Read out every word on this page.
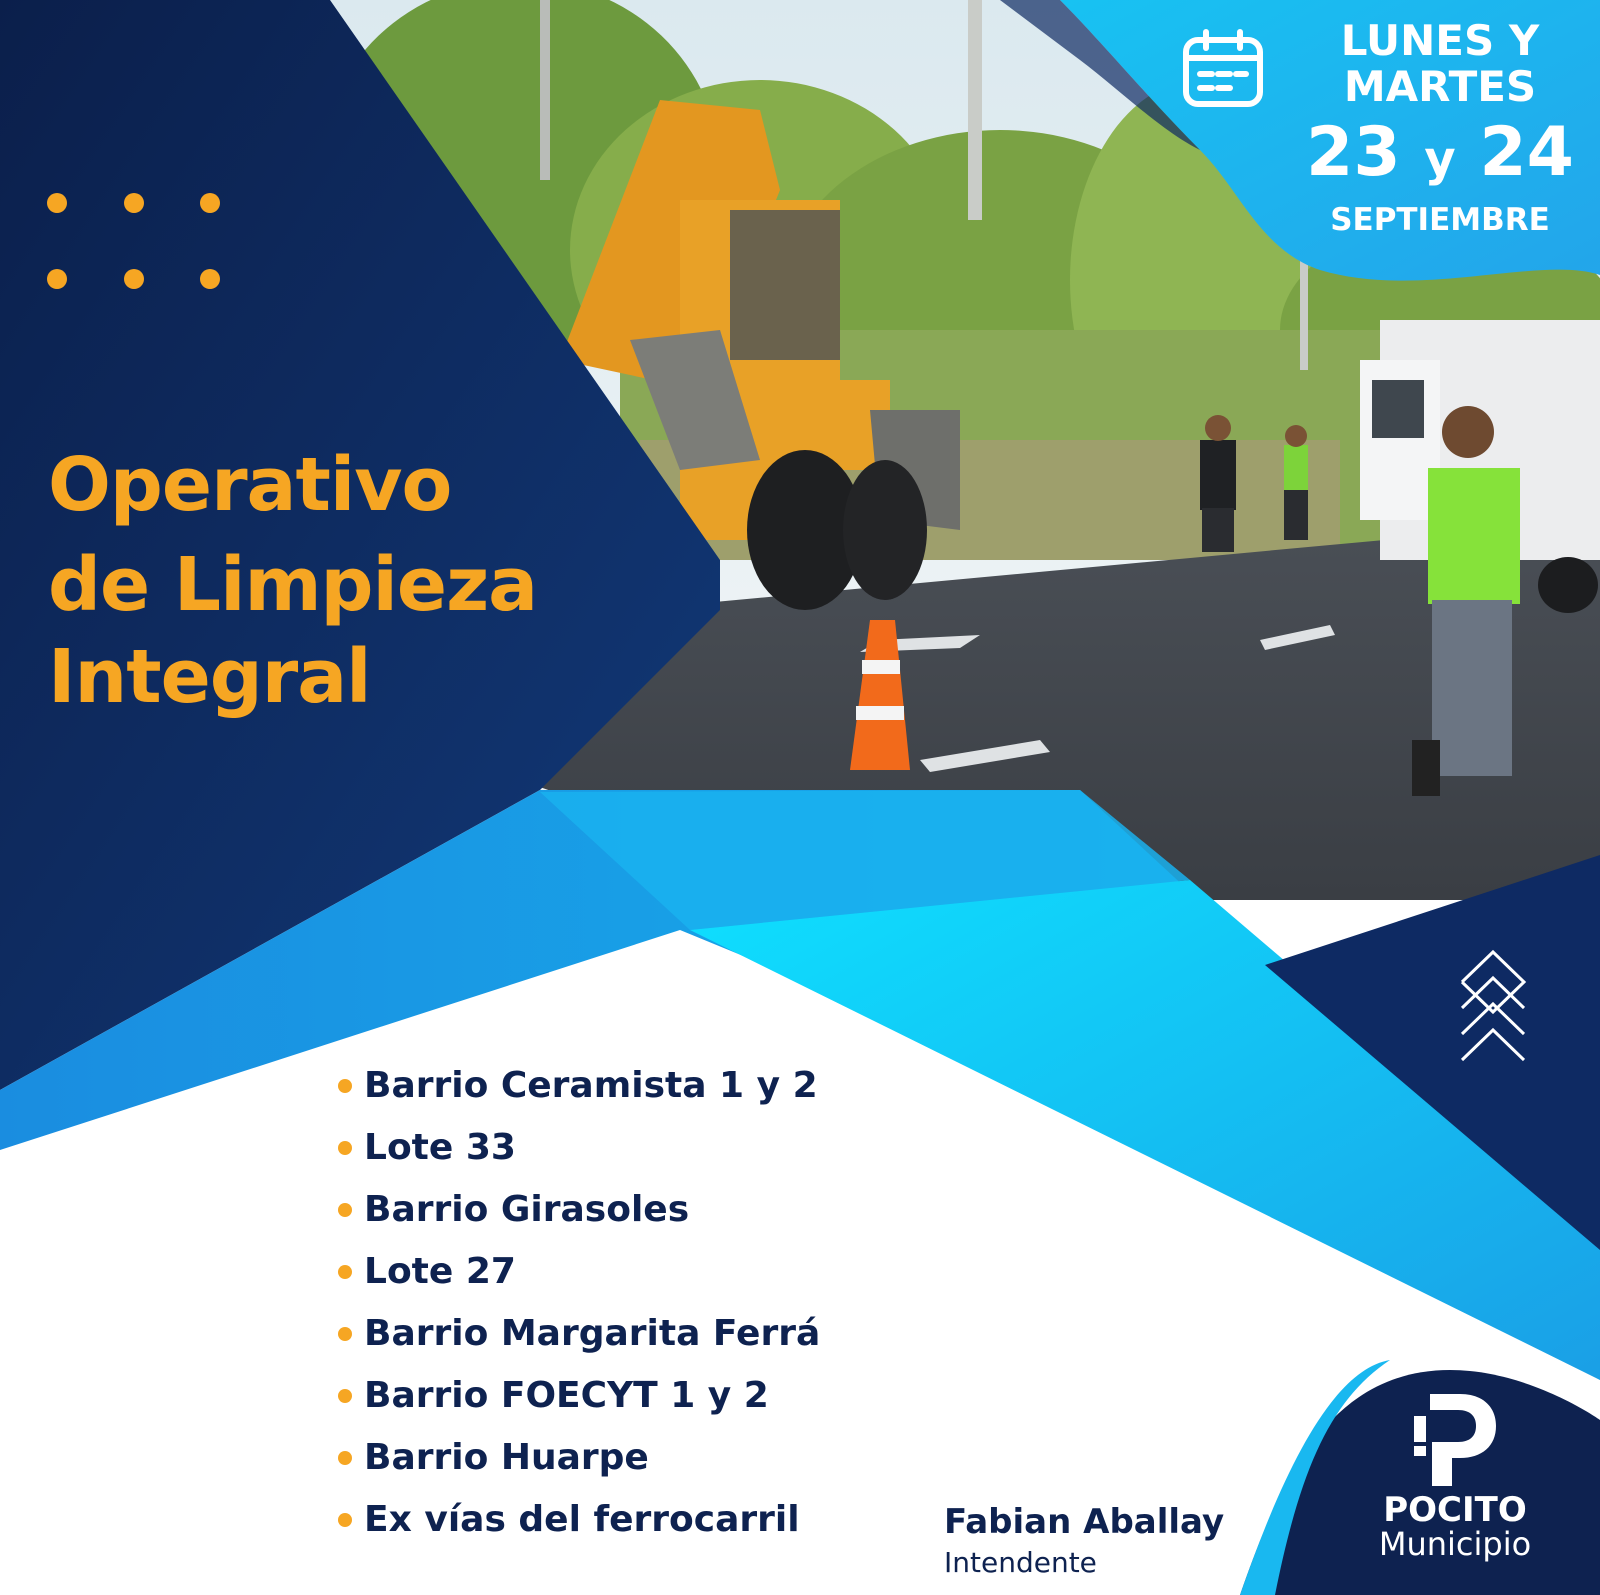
Operativo
de Limpieza
Integral
LUNES Y
MARTES
23 y 24
SEPTIEMBRE
Barrio Ceramista 1 y 2
Lote 33
Barrio Girasoles
Lote 27
Barrio Margarita Ferrá
Barrio FOECYT 1 y 2
Barrio Huarpe
Ex vías del ferrocarril	Fabian Aballay
Intendente
POCITO
Municipio
